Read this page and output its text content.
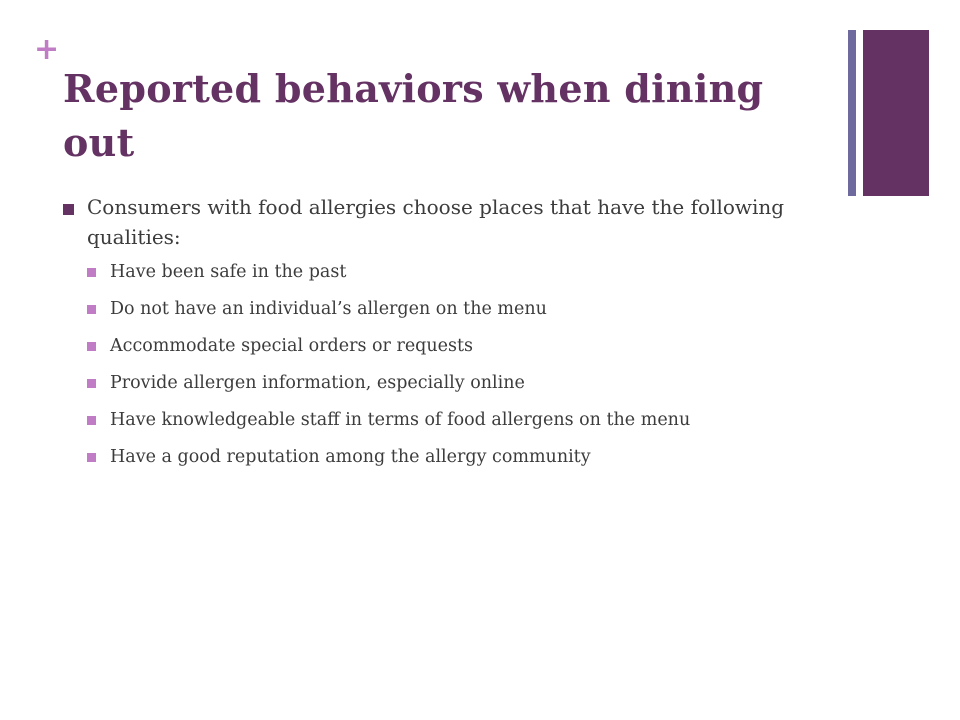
+
Reported behaviors when dining out
Consumers with food allergies choose places that have the following qualities:
Have been safe in the past
Do not have an individual’s allergen on the menu
Accommodate special orders or requests
Provide allergen information, especially online
Have knowledgeable staff in terms of food allergens on the menu
Have a good reputation among the allergy community
